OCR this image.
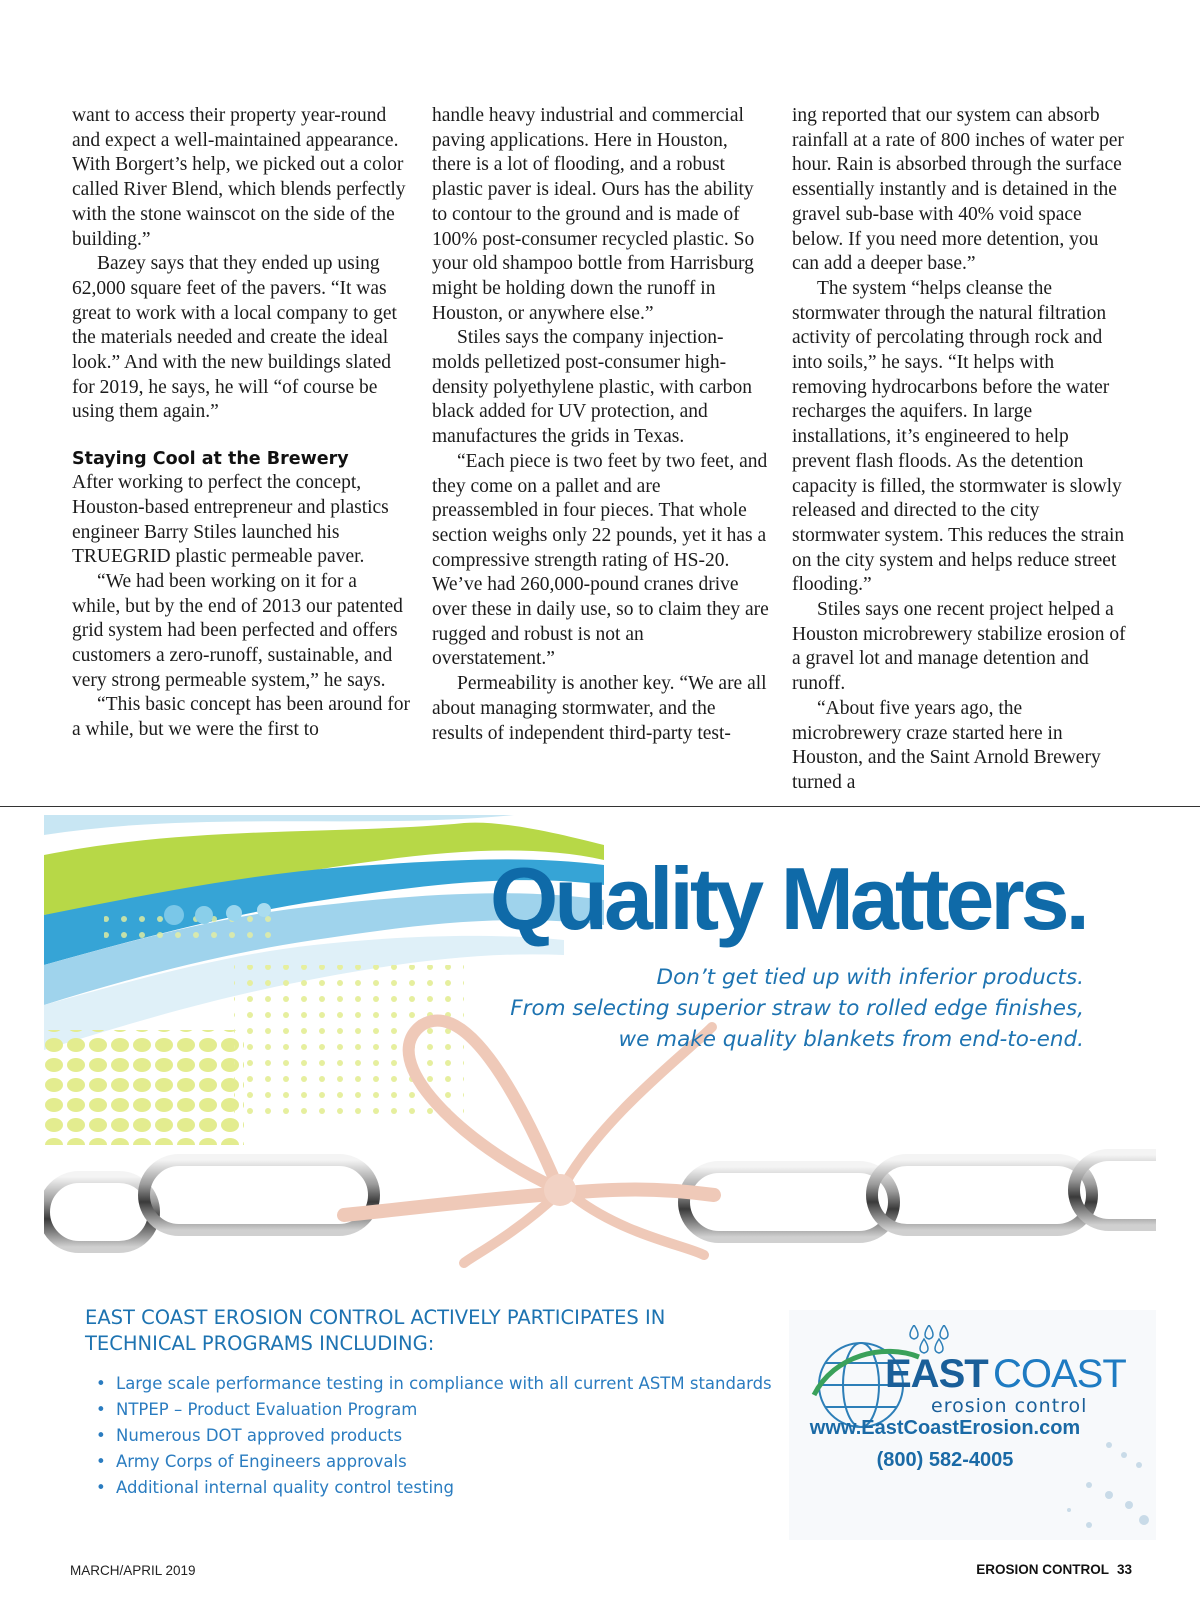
want to access their property year-round and expect a well-maintained appearance. With Borgert’s help, we picked out a color called River Blend, which blends perfectly with the stone wainscot on the side of the building.”

Bazey says that they ended up using 62,000 square feet of the pavers. “It was great to work with a local company to get the materials needed and create the ideal look.” And with the new buildings slated for 2019, he says, he will “of course be using them again.”

Staying Cool at the Brewery

After working to perfect the concept, Houston-based entrepreneur and plastics engineer Barry Stiles launched his TRUEGRID plastic permeable paver.

“We had been working on it for a while, but by the end of 2013 our patented grid system had been perfected and offers customers a zero-runoff, sustainable, and very strong permeable system,” he says.

“This basic concept has been around for a while, but we were the first to

handle heavy industrial and commercial paving applications. Here in Houston, there is a lot of flooding, and a robust plastic paver is ideal. Ours has the ability to contour to the ground and is made of 100% post-consumer recycled plastic. So your old shampoo bottle from Harrisburg might be holding down the runoff in Houston, or anywhere else.”

Stiles says the company injection-molds pelletized post-consumer high-density polyethylene plastic, with carbon black added for UV protection, and manufactures the grids in Texas.

“Each piece is two feet by two feet, and they come on a pallet and are preassembled in four pieces. That whole section weighs only 22 pounds, yet it has a compressive strength rating of HS-20. We’ve had 260,000-pound cranes drive over these in daily use, so to claim they are rugged and robust is not an overstatement.”

Permeability is another key. “We are all about managing stormwater, and the results of independent third-party test-

ing reported that our system can absorb rainfall at a rate of 800 inches of water per hour. Rain is absorbed through the surface essentially instantly and is detained in the gravel sub-base with 40% void space below. If you need more detention, you can add a deeper base.”

The system “helps cleanse the stormwater through the natural filtration activity of percolating through rock and into soils,” he says. “It helps with removing hydrocarbons before the water recharges the aquifers. In large installations, it’s engineered to help prevent flash floods. As the detention capacity is filled, the stormwater is slowly released and directed to the city stormwater system. This reduces the strain on the city system and helps reduce street flooding.”

Stiles says one recent project helped a Houston microbrewery stabilize erosion of a gravel lot and manage detention and runoff.

“About five years ago, the microbrewery craze started here in Houston, and the Saint Arnold Brewery turned a

Quality Matters.
Don’t get tied up with inferior products.
From selecting superior straw to rolled edge finishes,
we make quality blankets from end-to-end.
EAST COAST EROSION CONTROL ACTIVELY PARTICIPATES IN
TECHNICAL PROGRAMS INCLUDING:
• Large scale performance testing in compliance with all current ASTM standards
• NTPEP – Product Evaluation Program
• Numerous DOT approved products
• Army Corps of Engineers approvals
• Additional internal quality control testing
EAST COAST
erosion control
www.EastCoastErosion.com
(800) 582-4005
MARCH/APRIL 2019	EROSION CONTROL 33
